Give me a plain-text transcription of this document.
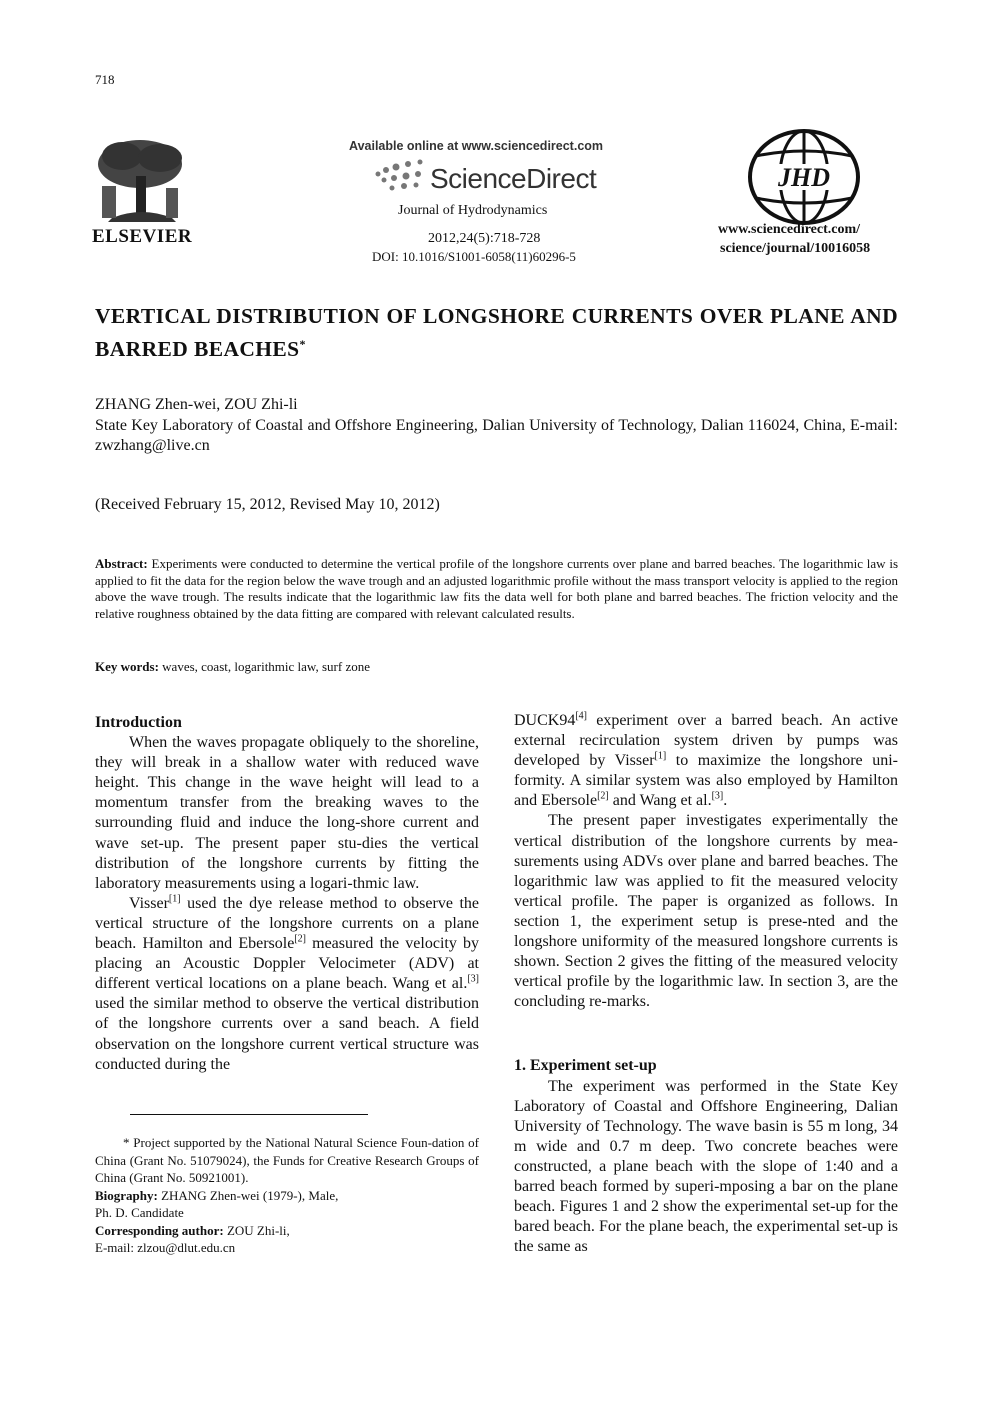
718
ELSEVIER
Available online at www.sciencedirect.com
ScienceDirect
Journal of Hydrodynamics
2012,24(5):718-728
DOI: 10.1016/S1001-6058(11)60296-5
JHD
www.sciencedirect.com/
science/journal/10016058
VERTICAL DISTRIBUTION OF LONGSHORE CURRENTS OVER PLANE AND BARRED BEACHES*
ZHANG Zhen-wei, ZOU Zhi-li
State Key Laboratory of Coastal and Offshore Engineering, Dalian University of Technology, Dalian 116024, China, E-mail: zwzhang@live.cn
(Received February 15, 2012, Revised May 10, 2012)
Abstract: Experiments were conducted to determine the vertical profile of the longshore currents over plane and barred beaches. The logarithmic law is applied to fit the data for the region below the wave trough and an adjusted logarithmic profile without the mass transport velocity is applied to the region above the wave trough. The results indicate that the logarithmic law fits the data well for both plane and barred beaches. The friction velocity and the relative roughness obtained by the data fitting are compared with relevant calculated results.
Key words: waves, coast, logarithmic law, surf zone

Introduction

When the waves propagate obliquely to the shoreline, they will break in a shallow water with reduced wave height. This change in the wave height will lead to a momentum transfer from the breaking waves to the surrounding fluid and induce the long-shore current and wave set-up. The present paper stu-dies the vertical distribution of the longshore currents by fitting the laboratory measurements using a logari-thmic law.

Visser[1] used the dye release method to observe the vertical structure of the longshore currents on a plane beach. Hamilton and Ebersole[2] measured the velocity by placing an Acoustic Doppler Velocimeter (ADV) at different vertical locations on a plane beach. Wang et al.[3] used the similar method to observe the vertical distribution of the longshore currents over a sand beach. A field observation on the longshore current vertical structure was conducted during the

* Project supported by the National Natural Science Foun-dation of China (Grant No. 51079024), the Funds for Creative Research Groups of China (Grant No. 50921001).

Biography: ZHANG Zhen-wei (1979-), Male,

Ph. D. Candidate

Corresponding author: ZOU Zhi-li,

E-mail: zlzou@dlut.edu.cn

DUCK94[4] experiment over a barred beach. An active external recirculation system driven by pumps was developed by Visser[1] to maximize the longshore uni-formity. A similar system was also employed by Hamilton and Ebersole[2] and Wang et al.[3].

The present paper investigates experimentally the vertical distribution of the longshore currents by mea-surements using ADVs over plane and barred beaches. The logarithmic law was applied to fit the measured velocity vertical profile. The paper is organized as follows. In section 1, the experiment setup is prese-nted and the longshore uniformity of the measured longshore currents is shown. Section 2 gives the fitting of the measured velocity vertical profile by the logarithmic law. In section 3, are the concluding re-marks.

1. Experiment set-up

The experiment was performed in the State Key Laboratory of Coastal and Offshore Engineering, Dalian University of Technology. The wave basin is 55 m long, 34 m wide and 0.7 m deep. Two concrete beaches were constructed, a plane beach with the slope of 1:40 and a barred beach formed by superi-mposing a bar on the plane beach. Figures 1 and 2 show the experimental set-up for the bared beach. For the plane beach, the experimental set-up is the same as
